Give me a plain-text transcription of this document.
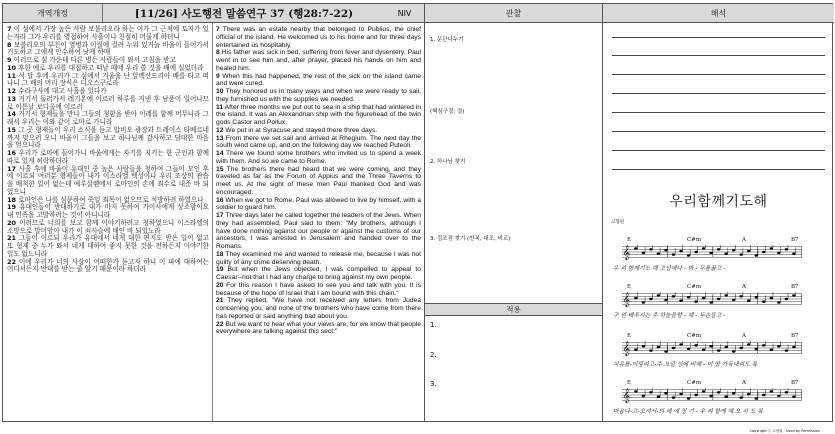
개역개정	[11/26] 사도행전 말씀연구 37 (행28:7-22)	NIV	관찰	해석
7 이 섬에서 가장 높은 사람 보블리오라 하는 이가 그 근처에 토지가 있는지라 그가 우리를 영접하여 사흘이나 친절히 머물게 하더니
8 보블리오의 부친이 열병과 이질에 걸려 누워 있거늘 바울이 들어가서 기도하고 그에게 안수하여 낫게 하매
9 이러므로 섬 가운데 다른 병든 사람들이 와서 고침을 받고
10 후한 예로 우리를 대접하고 떠날 때에 우리 쓸 것을 배에 실었더라
11 석 달 후에 우리가 그 섬에서 겨울을 난 알렉산드리아 배를 타고 떠나니 그 배의 머리 장식은 디오스구로라
12 수라구사에 대고 사흘을 있다가
13 거기서 둘러가서 레기온에 이르러 하루를 지낸 후 남풍이 일어나므로 이튿날 보디올에 이르러
14 거기서 형제들을 만나 그들의 청함을 받아 이레를 함께 머무니라 그래서 우리는 이와 같이 로마로 가니라
15 그 곳 형제들이 우리 소식을 듣고 압비오 광장과 트레이스 타베르네까지 맞으러 오니 바울이 그들을 보고 하나님께 감사하고 담대한 마음을 얻으니라
16 우리가 로마에 들어가니 바울에게는 자기를 지키는 한 군인과 함께 따로 있게 허락하더라
17 사흘 후에 바울이 유대인 중 높은 사람들을 청하여 그들이 모인 후에 이르되 여러분 형제들아 내가 이스라엘 백성이나 우리 조상의 관습을 배척한 일이 없는데 예루살렘에서 로마인의 손에 죄수로 내준 바 되었으니
18 로마인은 나를 심문하여 죽일 죄목이 없으므로 석방하려 하였으나
19 유대인들이 반대하기로 내가 마지 못하여 가이사에게 상소함이요 내 민족을 고발하려는 것이 아니니라
20 이러므로 너희를 보고 함께 이야기하려고 청하였으니 이스라엘의 소망으로 말미암아 내가 이 쇠사슬에 매인 바 되었노라
21 그들이 이르되 우리가 유대에서 네게 대한 편지도 받은 일이 없고 또 형제 중 누가 와서 네게 대하여 좋지 못한 것을 전하든지 이야기한 일도 없느니라
22 이에 우리가 너의 사상이 어떠한가 듣고자 하니 이 파에 대하여는 어디서든지 반대를 받는 줄 알기 때문이라 하더라

7 There was an estate nearby that belonged to Publius, the chief official of the island. He welcomed us to his home and for three days entertained us hospitably.
8 His father was sick in bed, suffering from fever and dysentery. Paul went in to see him and, after prayer, placed his hands on him and healed him.
9 When this had happened, the rest of the sick on the island came and were cured.
10 They honored us in many ways and when we were ready to sail, they furnished us with the supplies we needed.
11 After three months we put out to sea in a ship that had wintered in the island. It was an Alexandrian ship with the figurehead of the twin gods Castor and Pollux.
12 We put in at Syracuse and stayed there three days.
13 From there we set sail and arrived at Rhegium. The next day the south wind came up, and on the following day we reached Puteoli.
14 There we found some brothers who invited us to spend a week with them. And so we came to Rome.
15 The brothers there had heard that we were coming, and they traveled as far as the Forum of Appius and the Three Taverns to meet us. At the sight of these men Paul thanked God and was encouraged.
16 When we got to Rome, Paul was allowed to live by himself, with a soldier to guard him.
17 Three days later he called together the leaders of the Jews. When they had assembled, Paul said to them: "My brothers, although I have done nothing against our people or against the customs of our ancestors, I was arrested in Jerusalem and handed over to the Romans.
18 They examined me and wanted to release me, because I was not guilty of any crime deserving death.
19 But when the Jews objected, I was compelled to appeal to Caesar--not that I had any charge to bring against my own people.
20 For this reason I have asked to see you and talk with you. It is because of the hope of Israel that I am bound with this chain."
21 They replied, "We have not received any letters from Judea concerning you, and none of the brothers who have come from there has reported or said anything bad about you.
22 But we want to hear what your views are, for we know that people everywhere are talking against this sect."

1. 문단나누기
(핵심구절: 절)
2. 하나님 찾기
3. 검조점 찾기 (반복, 대조, 비교)
적용
1.
2.
3.
우리함께기도해
고형원
𝄞
E	C#m	A	B7
우 리 함께기도 해 조성에나 - 와 - 무릎꿇고 -
𝄞
E	C#m	A	B7
구 원 베푸시는 주 하늘을향 - 해 - 두손들고 -
𝄞
E	C#m	A	B7
치유를-이렇리고-주 모일 성에 비해 - 이 땅 가득내리도 록
𝄞
E	C#m	A	B7
마음나-고-오셔서-의 에 애 정 기 - 우 리 함께 해 오 시 도 록
Copyright ⓒ 고형원 · Used by Permission
